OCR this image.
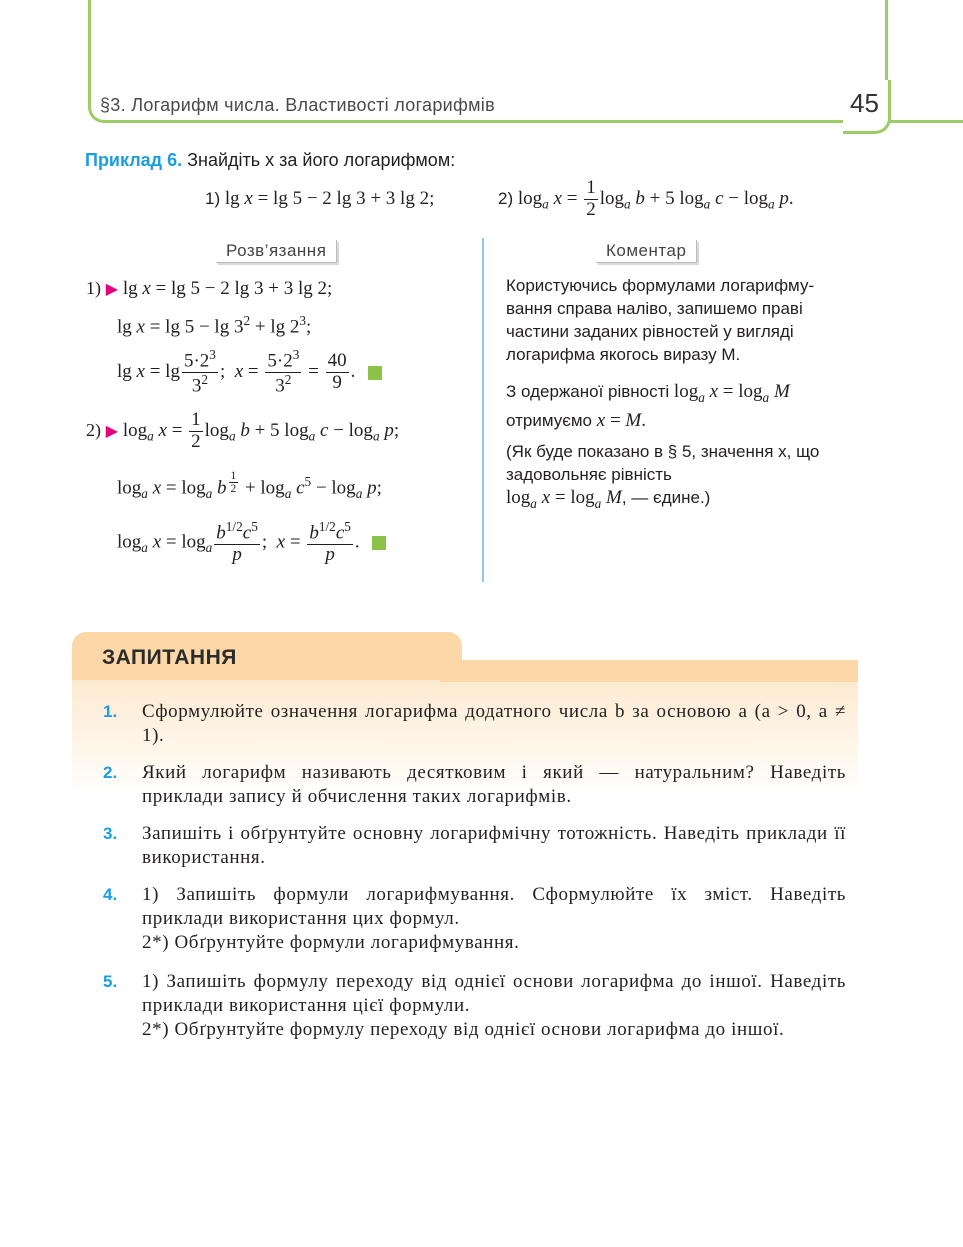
§3. Логарифм числа. Властивості логарифмів	45
Приклад 6. Знайдіть x за його логарифмом:
1) lg x = lg 5 − 2 lg 3 + 3 lg 2;	2) $\log_a x = \frac{1}{2} \log_a b + 5$ $\log_a c - \log_a p$.
Розв’язання
1) ▶ lg x = lg 5 − 2 lg 3 + 3 lg 2;
$\lg x = \lg 5 - \lg 3^2 + \lg 2^3$;
$\lg x = \lg \frac{5\cdot 2^3}{3^2}$ ;  $x = \frac{5\cdot 2^3}{3^2} = \frac{40}{9}$ .
2) ▶ $\log_a x = \frac{1}{2} \log_a b + 5$ $\log_a c - \log_a p$;
$\log_a x = \log_a b$ $^{\frac{1}{2}} + \log_a c^5 - \log_a p$;
$\log_a x = \log_a \frac{b^{1/2}c^5}{p}$ ;  $x = \frac{b^{1/2}c^5}{p}$ .
Коментар
Користуючись формулами логарифму-вання справа наліво, запишемо праві частини заданих рівностей у вигляді логарифма якогось виразу M.
З одержаної рівності $\log_a x = \log_a M$
отримуємо x = M.
(Як буде показано в § 5, значення x, що задовольняє рівність
$\log_a x = \log_a M$, — єдине.)
ЗАПИТАННЯ
1. Сформулюйте означення логарифма додатного числа b за основою a (a > 0, a ≠ 1).
2. Який логарифм називають десятковим і який — натуральним? Наведіть приклади запису й обчислення таких логарифмів.
3. Запишіть і обґрунтуйте основну логарифмічну тотожність. Наведіть приклади її використання.
4. 1) Запишіть формули логарифмування. Сформулюйте їх зміст. Наведіть приклади використання цих формул.
2*) Обґрунтуйте формули логарифмування.
5. 1) Запишіть формулу переходу від однієї основи логарифма до іншої. Наведіть приклади використання цієї формули.
2*) Обґрунтуйте формулу переходу від однієї основи логарифма до іншої.
